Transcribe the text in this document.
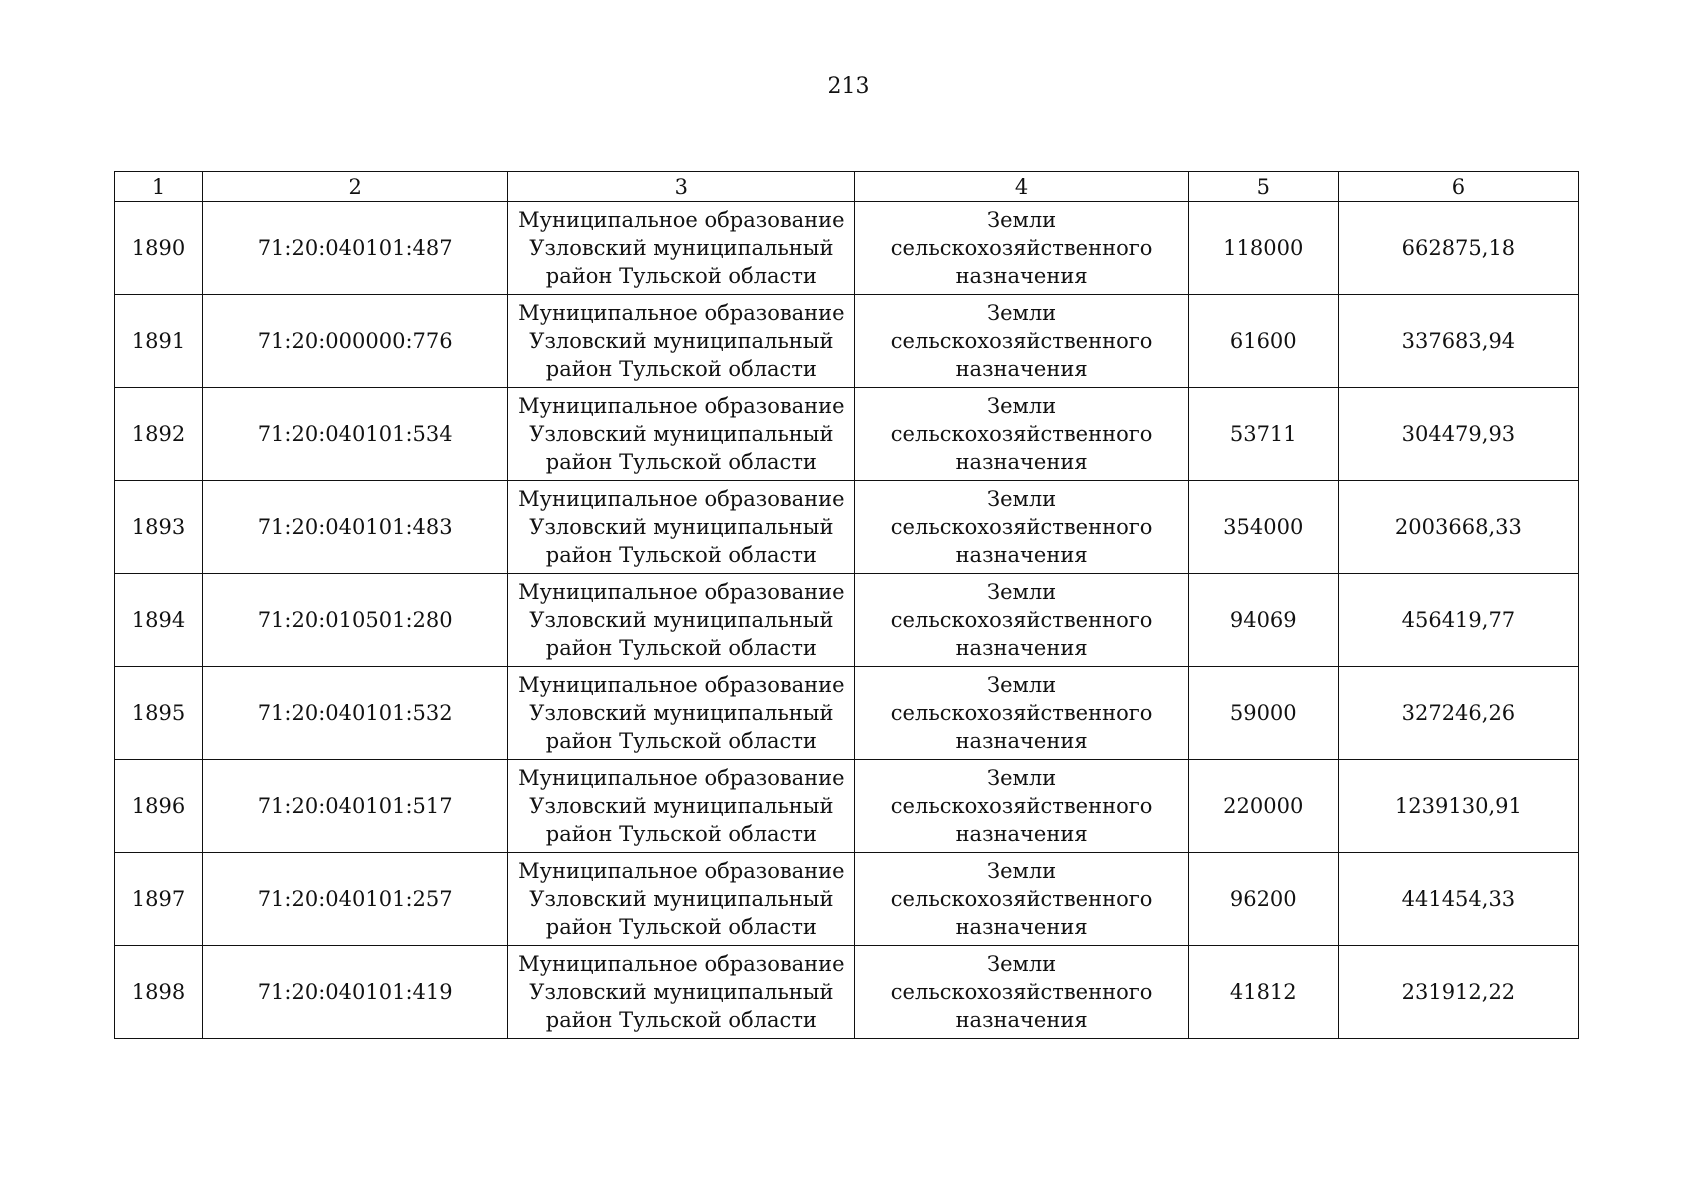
213
1	2	3	4	5	6
1890	71:20:040101:487	Муниципальное образование
Узловский муниципальный
район Тульской области	Земли
сельскохозяйственного
назначения	118000	662875,18
1891	71:20:000000:776	Муниципальное образование
Узловский муниципальный
район Тульской области	Земли
сельскохозяйственного
назначения	61600	337683,94
1892	71:20:040101:534	Муниципальное образование
Узловский муниципальный
район Тульской области	Земли
сельскохозяйственного
назначения	53711	304479,93
1893	71:20:040101:483	Муниципальное образование
Узловский муниципальный
район Тульской области	Земли
сельскохозяйственного
назначения	354000	2003668,33
1894	71:20:010501:280	Муниципальное образование
Узловский муниципальный
район Тульской области	Земли
сельскохозяйственного
назначения	94069	456419,77
1895	71:20:040101:532	Муниципальное образование
Узловский муниципальный
район Тульской области	Земли
сельскохозяйственного
назначения	59000	327246,26
1896	71:20:040101:517	Муниципальное образование
Узловский муниципальный
район Тульской области	Земли
сельскохозяйственного
назначения	220000	1239130,91
1897	71:20:040101:257	Муниципальное образование
Узловский муниципальный
район Тульской области	Земли
сельскохозяйственного
назначения	96200	441454,33
1898	71:20:040101:419	Муниципальное образование
Узловский муниципальный
район Тульской области	Земли
сельскохозяйственного
назначения	41812	231912,22
